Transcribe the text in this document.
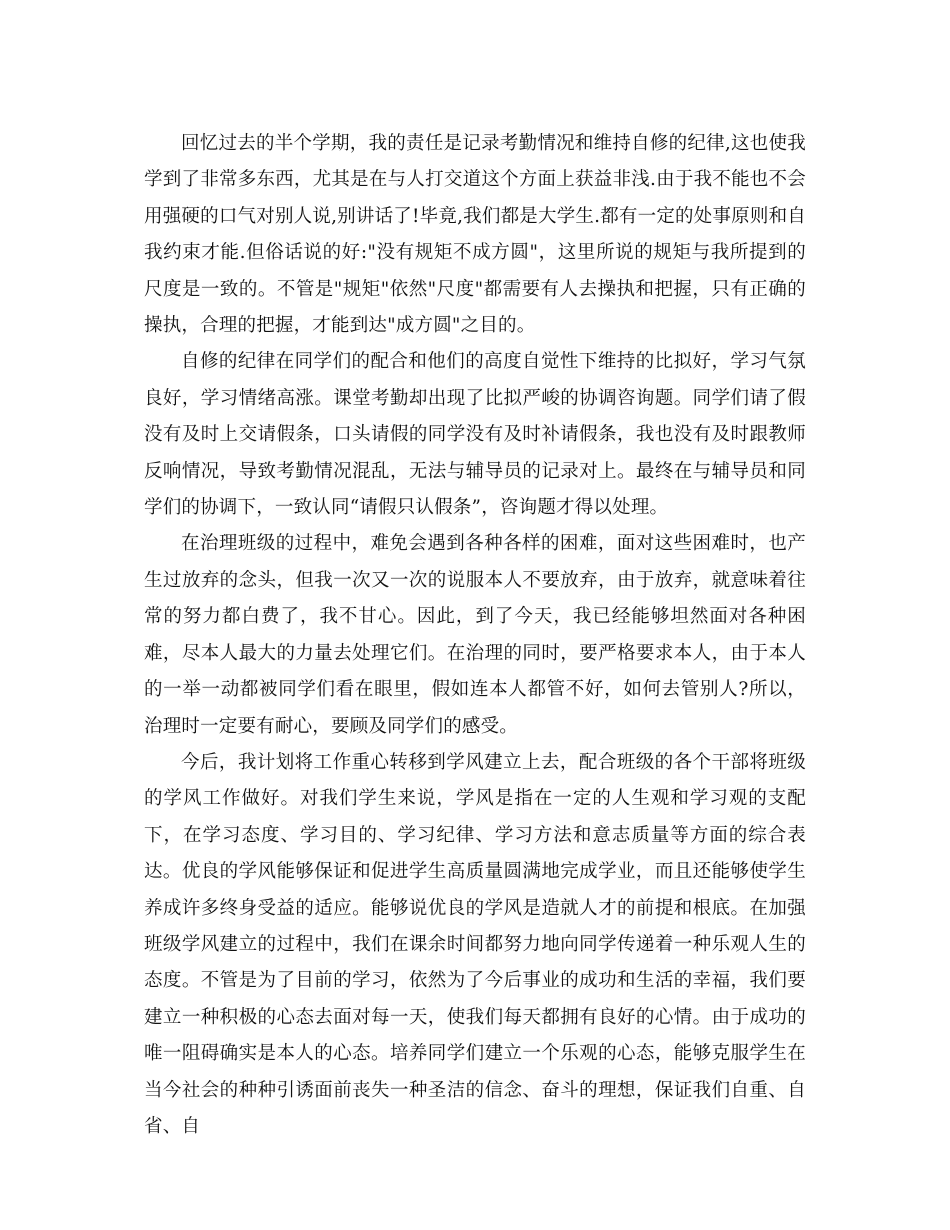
回忆过去的半个学期，我的责任是记录考勤情况和维持自修的纪律,这也使我学到了非常多东西，尤其是在与人打交道这个方面上获益非浅.由于我不能也不会用强硬的口气对别人说,别讲话了!毕竟,我们都是大学生.都有一定的处事原则和自我约束才能.但俗话说的好:"没有规矩不成方圆"，这里所说的规矩与我所提到的尺度是一致的。不管是"规矩"依然"尺度"都需要有人去操执和把握，只有正确的操执，合理的把握，才能到达"成方圆"之目的。

自修的纪律在同学们的配合和他们的高度自觉性下维持的比拟好，学习气氛良好，学习情绪高涨。课堂考勤却出现了比拟严峻的协调咨询题。同学们请了假没有及时上交请假条，口头请假的同学没有及时补请假条，我也没有及时跟教师反响情况，导致考勤情况混乱，无法与辅导员的记录对上。最终在与辅导员和同学们的协调下，一致认同“请假只认假条”，咨询题才得以处理。

在治理班级的过程中，难免会遇到各种各样的困难，面对这些困难时，也产生过放弃的念头，但我一次又一次的说服本人不要放弃，由于放弃，就意味着往常的努力都白费了，我不甘心。因此，到了今天，我已经能够坦然面对各种困难，尽本人最大的力量去处理它们。在治理的同时，要严格要求本人，由于本人的一举一动都被同学们看在眼里，假如连本人都管不好，如何去管别人?所以，治理时一定要有耐心，要顾及同学们的感受。

今后，我计划将工作重心转移到学风建立上去，配合班级的各个干部将班级的学风工作做好。对我们学生来说，学风是指在一定的人生观和学习观的支配下，在学习态度、学习目的、学习纪律、学习方法和意志质量等方面的综合表达。优良的学风能够保证和促进学生高质量圆满地完成学业，而且还能够使学生养成许多终身受益的适应。能够说优良的学风是造就人才的前提和根底。在加强班级学风建立的过程中，我们在课余时间都努力地向同学传递着一种乐观人生的态度。不管是为了目前的学习，依然为了今后事业的成功和生活的幸福，我们要建立一种积极的心态去面对每一天，使我们每天都拥有良好的心情。由于成功的唯一阻碍确实是本人的心态。培养同学们建立一个乐观的心态，能够克服学生在当今社会的种种引诱面前丧失一种圣洁的信念、奋斗的理想，保证我们自重、自省、自
